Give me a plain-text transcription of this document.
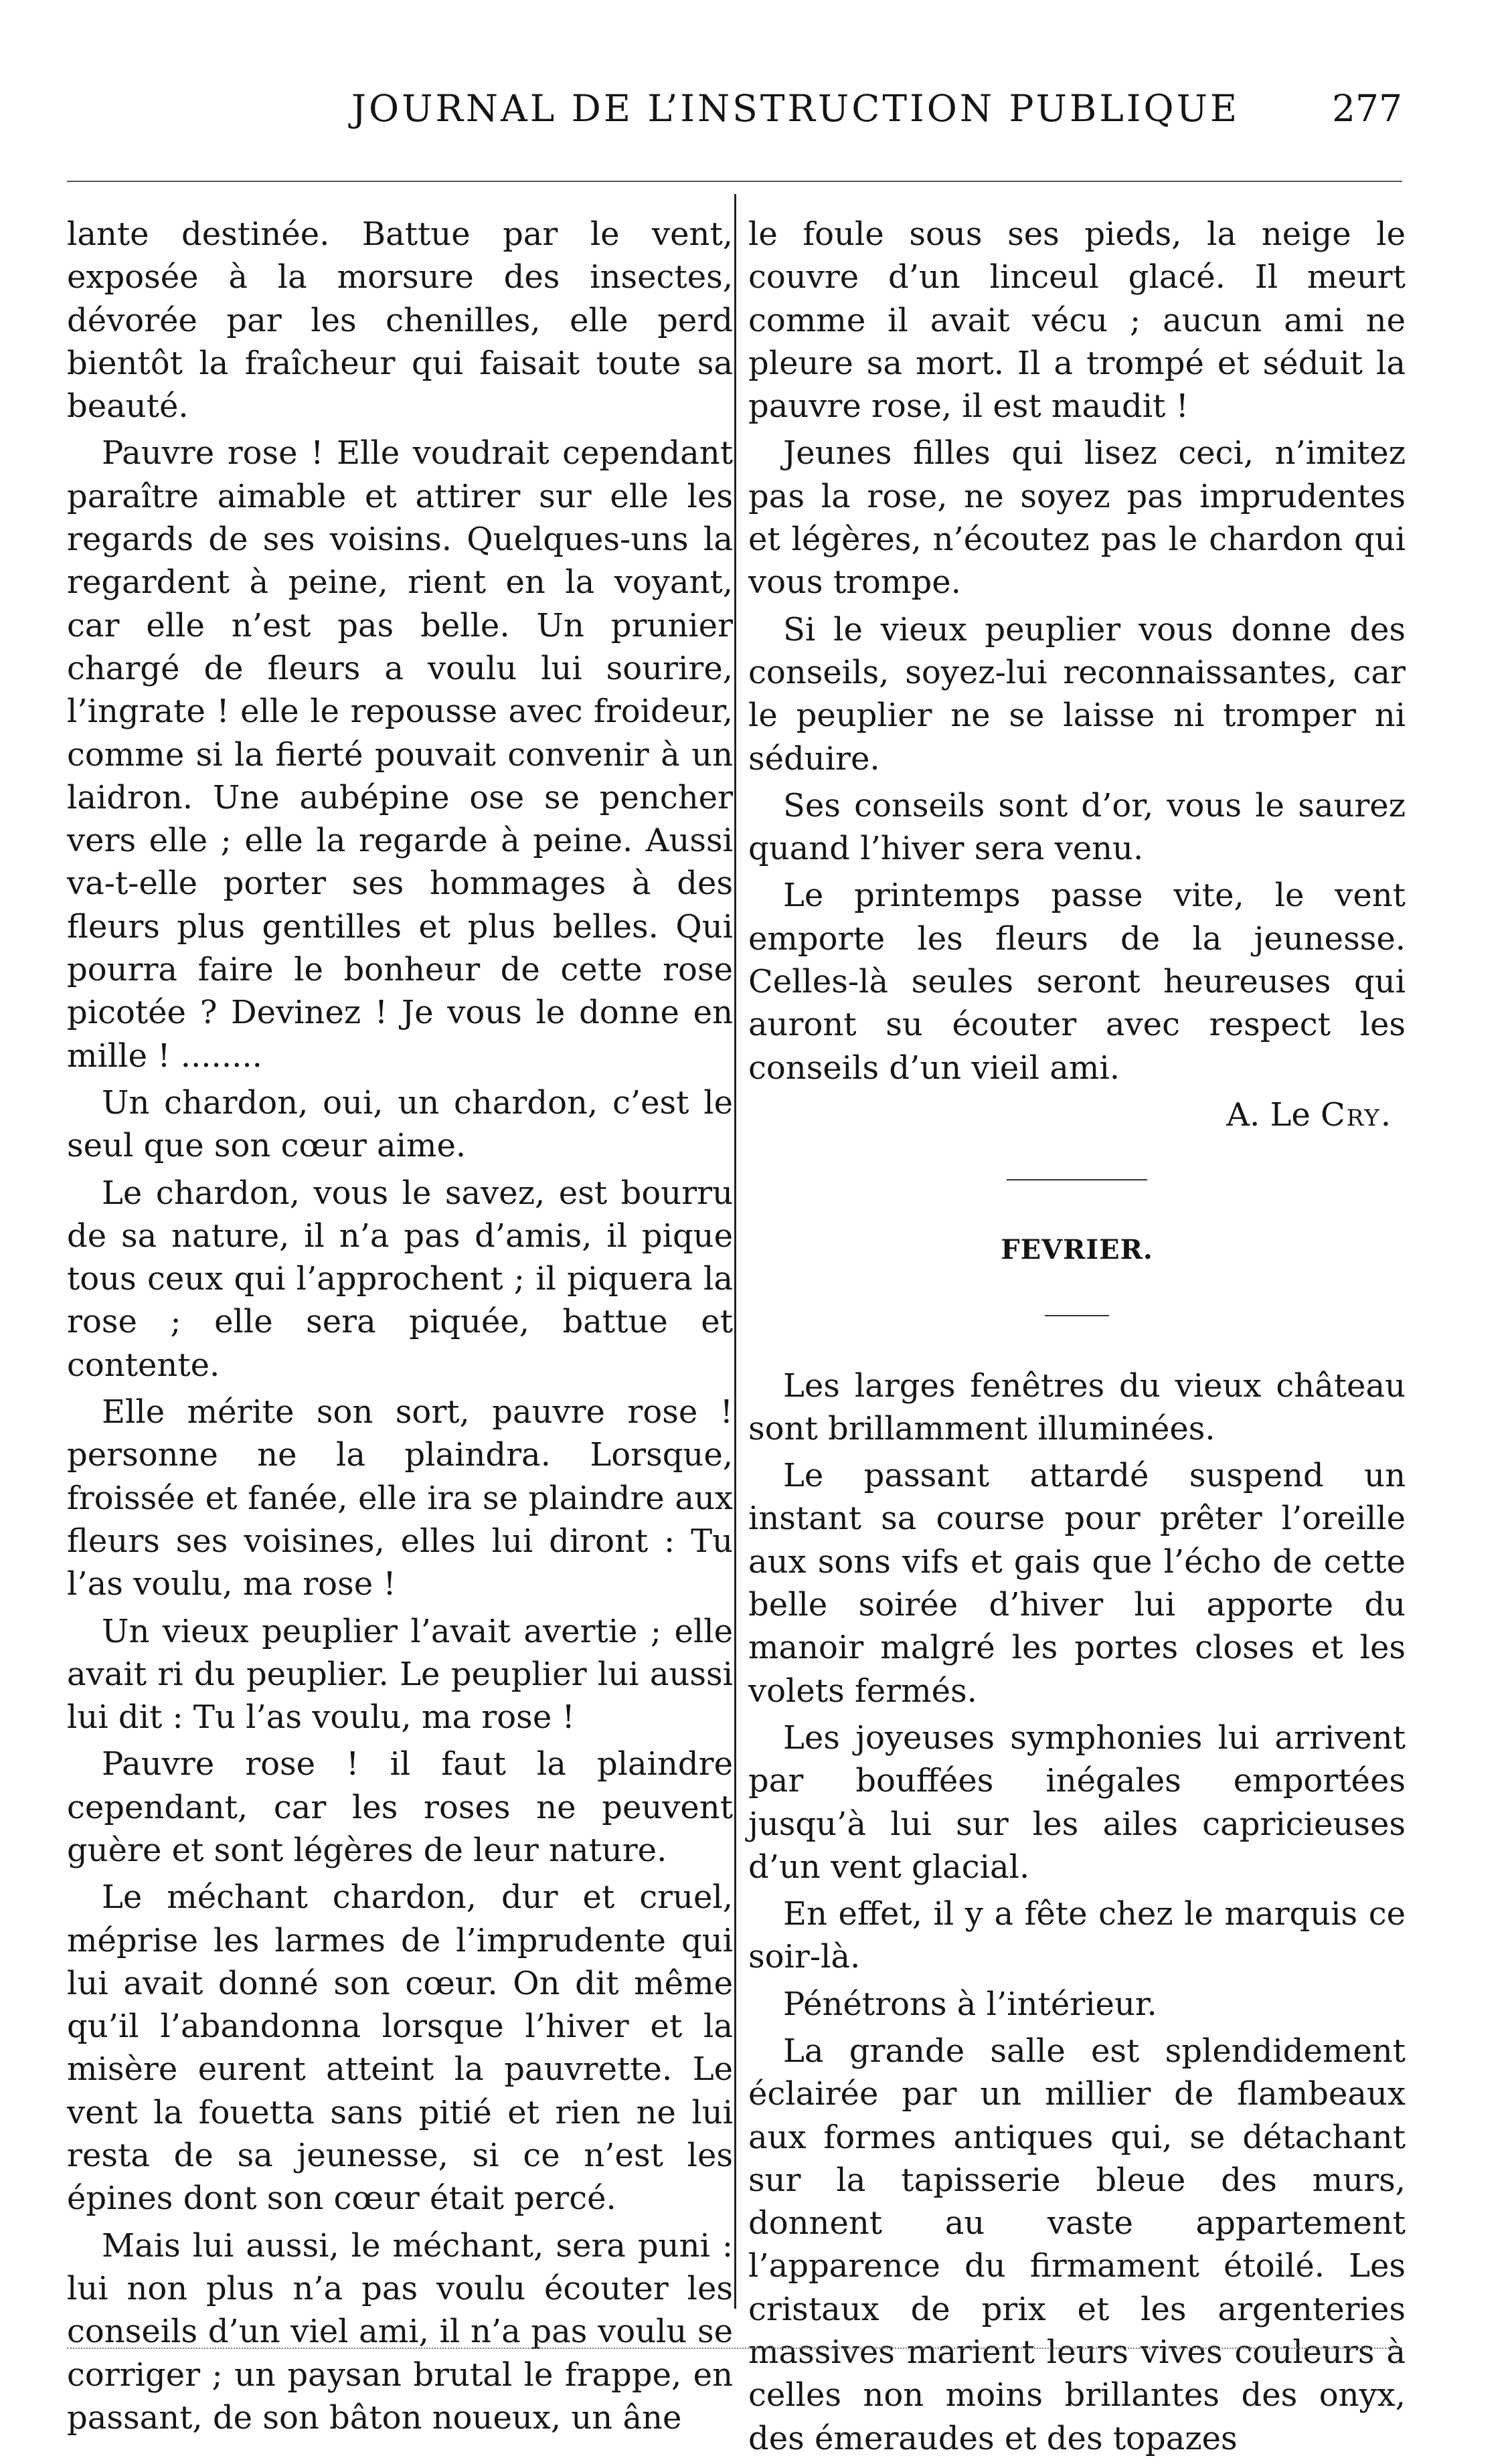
JOURNAL DE L’INSTRUCTION PUBLIQUE	277

lante destinée. Battue par le vent, exposée à la morsure des insectes, dévorée par les chenilles, elle perd bientôt la fraîcheur qui faisait toute sa beauté.

Pauvre rose ! Elle voudrait cependant paraître aimable et attirer sur elle les regards de ses voisins. Quelques-uns la regardent à peine, rient en la voyant, car elle n’est pas belle. Un prunier chargé de fleurs a voulu lui sourire, l’ingrate ! elle le repousse avec froideur, comme si la fierté pouvait convenir à un laidron. Une aubépine ose se pencher vers elle ; elle la regarde à peine. Aussi va-t-elle porter ses hommages à des fleurs plus gentilles et plus belles. Qui pourra faire le bonheur de cette rose picotée ? Devinez ! Je vous le donne en mille ! ........

Un chardon, oui, un chardon, c’est le seul que son cœur aime.

Le chardon, vous le savez, est bourru de sa nature, il n’a pas d’amis, il pique tous ceux qui l’approchent ; il piquera la rose ; elle sera piquée, battue et contente.

Elle mérite son sort, pauvre rose ! personne ne la plaindra. Lorsque, froissée et fanée, elle ira se plaindre aux fleurs ses voisines, elles lui diront : Tu l’as voulu, ma rose !

Un vieux peuplier l’avait avertie ; elle avait ri du peuplier. Le peuplier lui aussi lui dit : Tu l’as voulu, ma rose !

Pauvre rose ! il faut la plaindre cependant, car les roses ne peuvent guère et sont légères de leur nature.

Le méchant chardon, dur et cruel, méprise les larmes de l’imprudente qui lui avait donné son cœur. On dit même qu’il l’abandonna lorsque l’hiver et la misère eurent atteint la pauvrette. Le vent la fouetta sans pitié et rien ne lui resta de sa jeunesse, si ce n’est les épines dont son cœur était percé.

Mais lui aussi, le méchant, sera puni : lui non plus n’a pas voulu écouter les conseils d’un viel ami, il n’a pas voulu se corriger ; un paysan brutal le frappe, en passant, de son bâton noueux, un âne

le foule sous ses pieds, la neige le couvre d’un linceul glacé. Il meurt comme il avait vécu ; aucun ami ne pleure sa mort. Il a trompé et séduit la pauvre rose, il est maudit !

Jeunes filles qui lisez ceci, n’imitez pas la rose, ne soyez pas imprudentes et légères, n’écoutez pas le chardon qui vous trompe.

Si le vieux peuplier vous donne des conseils, soyez-lui reconnaissantes, car le peuplier ne se laisse ni tromper ni séduire.

Ses conseils sont d’or, vous le saurez quand l’hiver sera venu.

Le printemps passe vite, le vent emporte les fleurs de la jeunesse. Celles-là seules seront heureuses qui auront su écouter avec respect les conseils d’un vieil ami.

A. Le Cry.
FEVRIER.

Les larges fenêtres du vieux château sont brillamment illuminées.

Le passant attardé suspend un instant sa course pour prêter l’oreille aux sons vifs et gais que l’écho de cette belle soirée d’hiver lui apporte du manoir malgré les portes closes et les volets fermés.

Les joyeuses symphonies lui arrivent par bouffées inégales emportées jusqu’à lui sur les ailes capricieuses d’un vent glacial.

En effet, il y a fête chez le marquis ce soir-là.

Pénétrons à l’intérieur.

La grande salle est splendidement éclairée par un millier de flambeaux aux formes antiques qui, se détachant sur la tapisserie bleue des murs, donnent au vaste appartement l’apparence du firmament étoilé. Les cristaux de prix et les argenteries massives marient leurs vives couleurs à celles non moins brillantes des onyx, des émeraudes et des topazes
